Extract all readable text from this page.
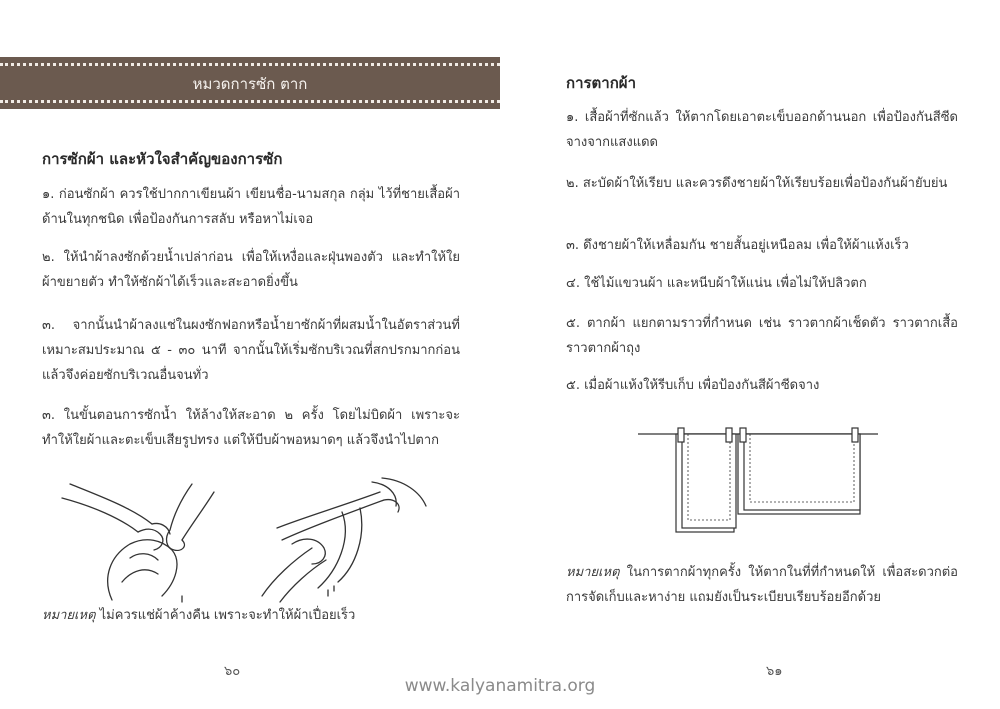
หมวดการซัก ตาก
การซักผ้า และหัวใจสำคัญของการซัก

๑. ก่อนซักผ้า ควรใช้ปากกาเขียนผ้า เขียนชื่อ-นามสกุล กลุ่ม ไว้ที่ชายเสื้อผ้าด้านในทุกชนิด เพื่อป้องกันการสลับ หรือหาไม่เจอ

๒. ให้นำผ้าลงซักด้วยน้ำเปล่าก่อน เพื่อให้เหงื่อและฝุ่นพองตัว และทำให้ใยผ้าขยายตัว ทำให้ซักผ้าได้เร็วและสะอาดยิ่งขึ้น

๓. จากนั้นนำผ้าลงแช่ในผงซักฟอกหรือน้ำยาซักผ้าที่ผสมน้ำในอัตราส่วนที่เหมาะสมประมาณ ๕ - ๓๐ นาที จากนั้นให้เริ่มซักบริเวณที่สกปรกมากก่อน แล้วจึงค่อยซักบริเวณอื่นจนทั่ว

๓. ในขั้นตอนการซักน้ำ ให้ล้างให้สะอาด ๒ ครั้ง โดยไม่บิดผ้า เพราะจะทำให้ใยผ้าและตะเข็บเสียรูปทรง แต่ให้บีบผ้าพอหมาดๆ แล้วจึงนำไปตาก

หมายเหตุ ไม่ควรแช่ผ้าค้างคืน เพราะจะทำให้ผ้าเปื่อยเร็ว

๖๐
การตากผ้า

๑. เสื้อผ้าที่ซักแล้ว ให้ตากโดยเอาตะเข็บออกด้านนอก เพื่อป้องกันสีซีดจางจากแสงแดด

๒. สะบัดผ้าให้เรียบ และควรดึงชายผ้าให้เรียบร้อยเพื่อป้องกันผ้ายับย่น

๓. ดึงชายผ้าให้เหลื่อมกัน ชายสั้นอยู่เหนือลม เพื่อให้ผ้าแห้งเร็ว

๔. ใช้ไม้แขวนผ้า และหนีบผ้าให้แน่น เพื่อไม่ให้ปลิวตก

๕. ตากผ้า แยกตามราวที่กำหนด เช่น ราวตากผ้าเช็ดตัว ราวตากเสื้อ ราวตากผ้าถุง

๕. เมื่อผ้าแห้งให้รีบเก็บ เพื่อป้องกันสีผ้าซีดจาง

หมายเหตุ ในการตากผ้าทุกครั้ง ให้ตากในที่ที่กำหนดให้ เพื่อสะดวกต่อการจัดเก็บและหาง่าย แถมยังเป็นระเบียบเรียบร้อยอีกด้วย

๖๑
www.kalyanamitra.org
